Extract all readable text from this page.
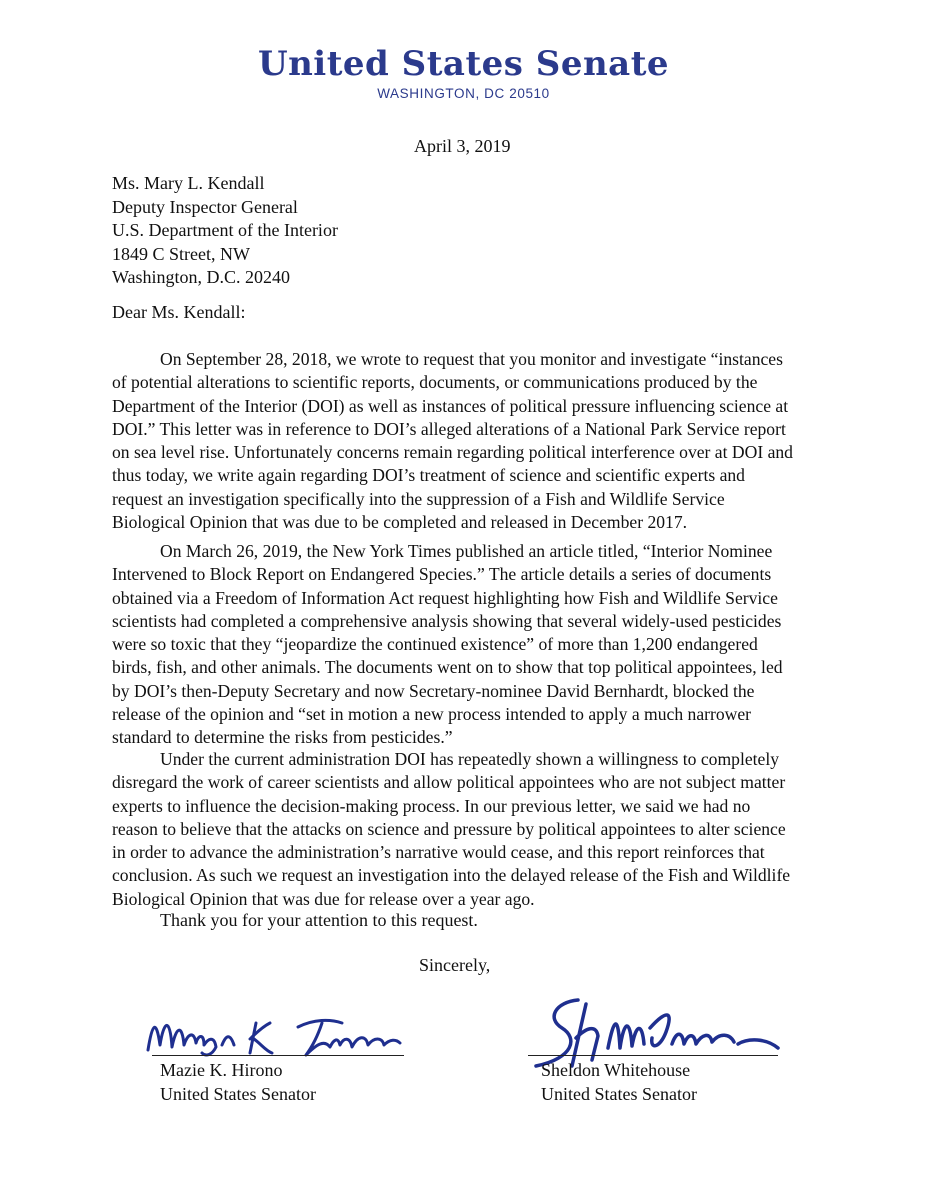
United States Senate
WASHINGTON, DC 20510
April 3, 2019
Ms. Mary L. Kendall
Deputy Inspector General
U.S. Department of the Interior
1849 C Street, NW
Washington, D.C. 20240
Dear Ms. Kendall:

On September 28, 2018, we wrote to request that you monitor and investigate “instances
of potential alterations to scientific reports, documents, or communications produced by the
Department of the Interior (DOI) as well as instances of political pressure influencing science at
DOI.” This letter was in reference to DOI’s alleged alterations of a National Park Service report
on sea level rise. Unfortunately concerns remain regarding political interference over at DOI and
thus today, we write again regarding DOI’s treatment of science and scientific experts and
request an investigation specifically into the suppression of a Fish and Wildlife Service
Biological Opinion that was due to be completed and released in December 2017.

On March 26, 2019, the New York Times published an article titled, “Interior Nominee
Intervened to Block Report on Endangered Species.” The article details a series of documents
obtained via a Freedom of Information Act request highlighting how Fish and Wildlife Service
scientists had completed a comprehensive analysis showing that several widely-used pesticides
were so toxic that they “jeopardize the continued existence” of more than 1,200 endangered
birds, fish, and other animals. The documents went on to show that top political appointees, led
by DOI’s then-Deputy Secretary and now Secretary-nominee David Bernhardt, blocked the
release of the opinion and “set in motion a new process intended to apply a much narrower
standard to determine the risks from pesticides.”

Under the current administration DOI has repeatedly shown a willingness to completely
disregard the work of career scientists and allow political appointees who are not subject matter
experts to influence the decision-making process. In our previous letter, we said we had no
reason to believe that the attacks on science and pressure by political appointees to alter science
in order to advance the administration’s narrative would cease, and this report reinforces that
conclusion. As such we request an investigation into the delayed release of the Fish and Wildlife
Biological Opinion that was due for release over a year ago.

Thank you for your attention to this request.
Sincerely,
Mazie K. Hirono
United States Senator
Sheldon Whitehouse
United States Senator
